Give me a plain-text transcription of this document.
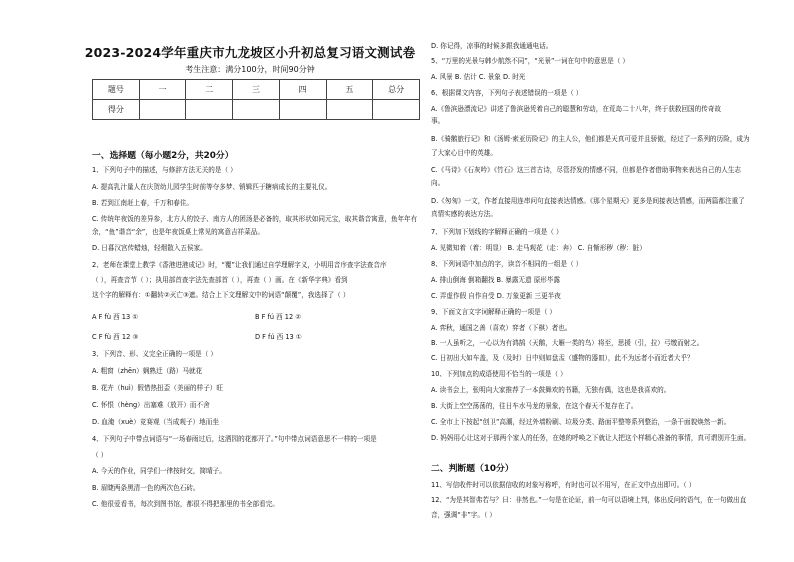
2023-2024学年重庆市九龙坡区小升初总复习语文测试卷
考生注意：满分100分，时间90分钟
题号	一	二	三	四	五	总分
得分						
一、选择题（每小题2分，共20分）
1、下列句子中的描述，与修辞方法无关的是（ ）
A. 提高乳汁量人在庆贺幼儿园学生时前等夺多梦、销辑匹于糖病成长的主要礼仪。
B. 若到江南赶上春，千万和春住。
C. 传统年夜饭的差异参，北方人的饺子、南方人的团汤是必备的，取其形状如同元宝，取其谐音寓意，鱼年年有
余，“鱼”谐音“余”，也是年夜饭桌上常见的寓意吉祥菜品。
D. 日暮汉宫传蜡烛，轻烟散入五侯家。
2、老师在课堂上教学《香港进港成记》时，“覆”让我们通过自学理解字义，小明用音序查字法查音序
（ ），再查音节（ ）；执用部首查字法先查部首（ ），再查（ ）画。在《新华字典》看到
这个字的解释有：①翻转②灭亡③遮。结合上下文理解文中的词语“颠覆”，我选择了（ ）
A F fù 西 13 ①	B F fú 西 12 ②
C F fù 西 12 ③	D F fú 西 13 ①
3、下列音、形、义完全正确的一项是（ ）
A. 粗窗（zhēn）娴熟迁（路）马就花
B. 花卉（huì）假惜热扭歪（美丽的样子）旺
C. 怀恨（hèng）出塞难（放开）而不舍
D. 血淹（xuè）竞赛观（当成观子）地而坐
4、下列句子中带点词语与“一场春雨过后，这洒园的花都开了。”句中带点词语意思不一样的一项是
（ ）
A. 今天的作业，同学们一律按时交，简晴子。
B. 眉睫两条黑清一色的两次色石砖。
C. 他很爱看书，每次到图书馆，都很不得把那里的书全部看完。
D. 你记得，凉事的时候多跟我通通电话。
5、“万里的光景与韩少航然不同”，“光景”一词在句中的意思是（ ）
A. 风景 B. 估计 C. 景象 D. 时光
6、根据课文内容，下列句子表述错误的一项是（ ）
A.《鲁滨逊漂流记》讲述了鲁滨逊凭着自己的聪慧和劳动，在荒岛二十八年，终于获救回国的传奇故
事。
B.《骑鹅旅行记》和《汤姆·索亚历险记》的主人公，他们都是天真可爱并且骄傲，经过了一系列的历险，成为
了大家心目中的英雄。
C.《马诗》《石灰吟》《竹石》这三首古诗，尽管抒发的情感不同，但都是作者借助事物来表达自己的人生志
向。
D.《匆匆》一文，作者直接用连串问句直接表达情感。《那个星期天》更多是间接表达情感，而两篇都注重了
真情实感的表达方法。
7、下列加下划线的字解释正确的一项是（ ）
A. 见微知着（着：明显） B. 走马观花（走：奔） C. 自惭形秽（秽：脏）
8、下列词语中加点的字，读音不相同的一组是（ ）
A. 排山倒海 倒箱翻找 B. 暴露无遗 原形毕露
C. 弄虚作假 自作自受 D. 万象更新 三更半夜
9、下面文言文字词解释正确的一项是（ ）
A. 弈秋，通国之善（喜欢）弈者（下棋）者也。
B. 一人虽听之，一心以为有鸿鹄（天鹅，大雁一类的鸟）将至，思援（引，拉）弓缴而射之。
C. 日初出大如车盖，及（及时）日中则如盘盂（盛物的器皿），此不为远者小而近者大乎？
10、下列加点的成语使用不恰当的一项是（ ）
A. 读书会上，张明向大家推荐了一本鼓舞欢的书籍，无独有偶，这也是我喜欢的。
B. 大街上空空荡荡的，往日车水马龙的景象，在这个春天不复存在了。
C. 全市上下按起“创卫”高潮，经过外墙粉刷、垃圾分类、路面平整等系列整治，一条干面貌焕然一新。
D. 妈妈用心让这对于那两个家人的任务，在她的呼唤之下就让人把这个样精心准备的事情，真可谓别开生面。
二、判断题（10分）
11、写信收件时可以依据信收的对象写称呼，有时也可以不用写，在正文中点出即可。（ ）
12、“为是其智弗若与？曰：非然也。”一句是在论证，前一句可以语境上判，体出反问的语气，在一句做出直
音，强调“非”字。（ ）
